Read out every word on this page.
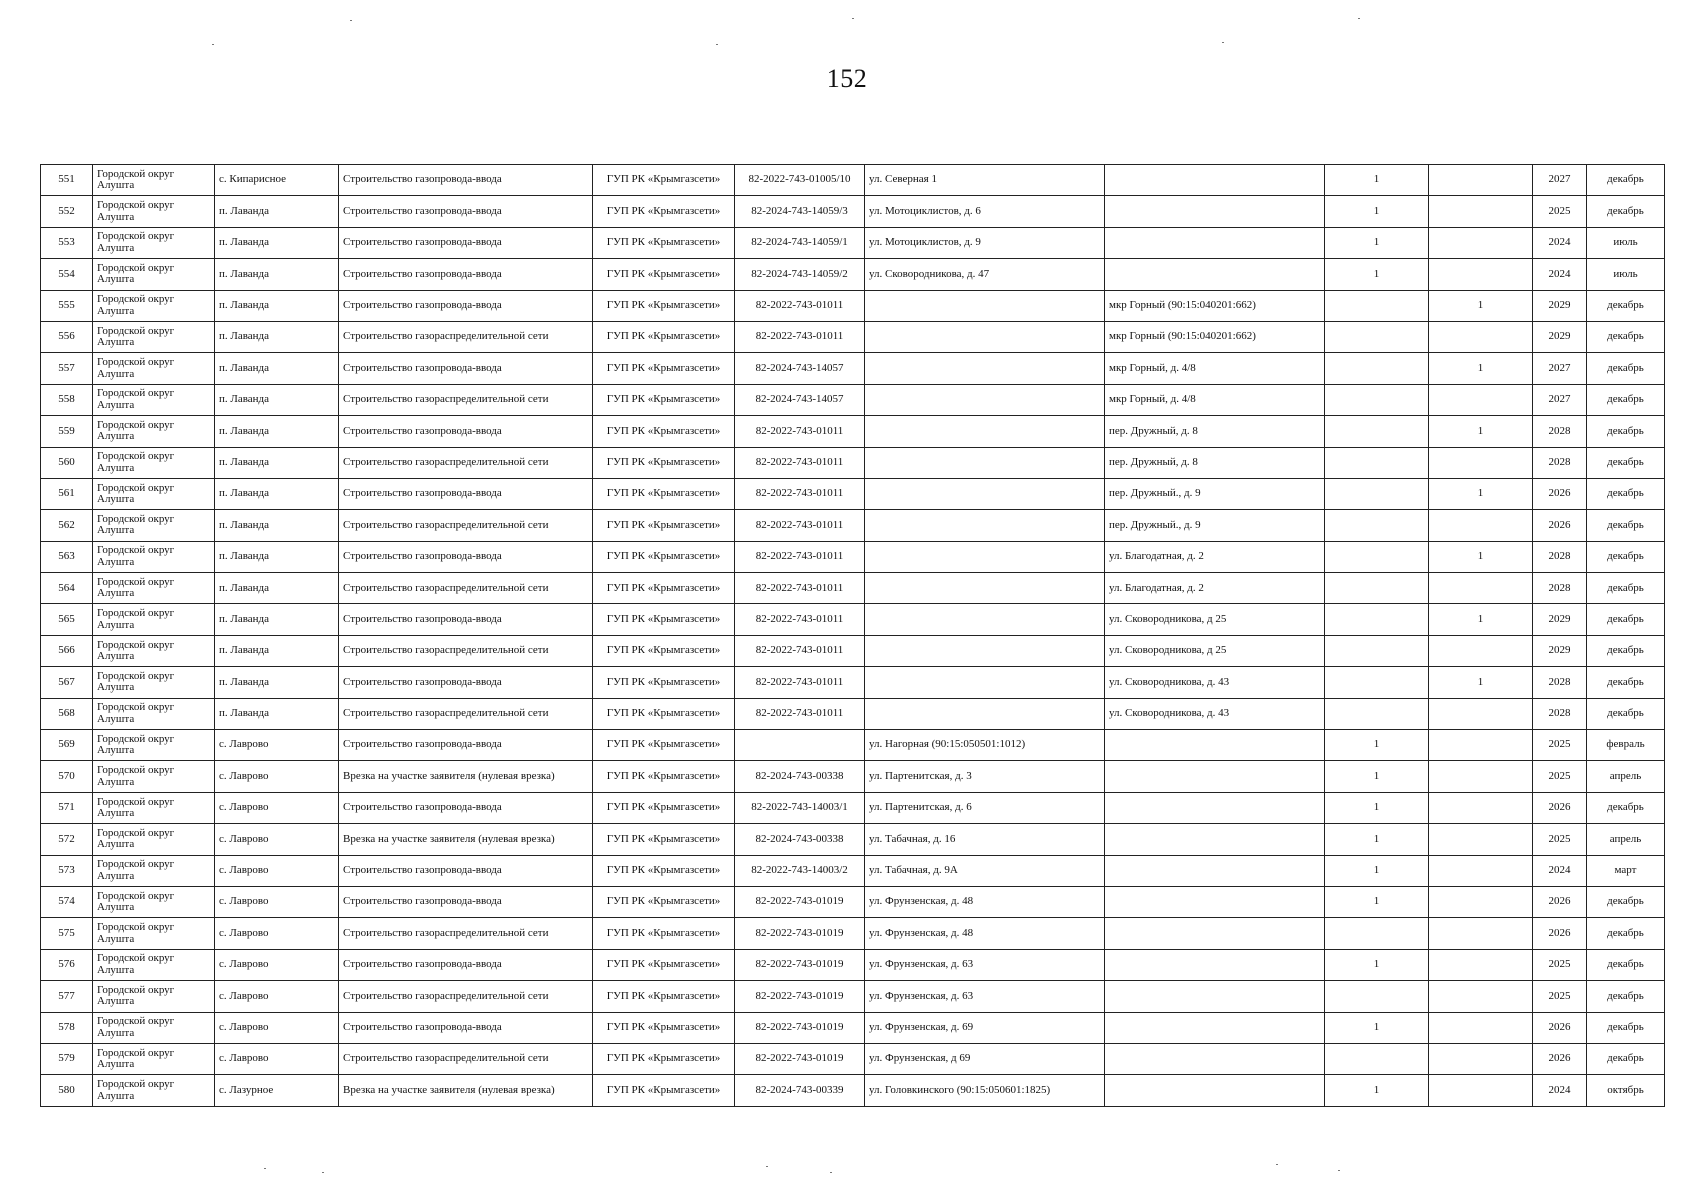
152
551	Городской округ Алушта	с. Кипарисное	Строительство газопровода-ввода	ГУП РК «Крымгазсети»	82-2022-743-01005/10	ул. Северная 1		1		2027	декабрь
552	Городской округ Алушта	п. Лаванда	Строительство газопровода-ввода	ГУП РК «Крымгазсети»	82-2024-743-14059/3	ул. Мотоциклистов, д. 6		1		2025	декабрь
553	Городской округ Алушта	п. Лаванда	Строительство газопровода-ввода	ГУП РК «Крымгазсети»	82-2024-743-14059/1	ул. Мотоциклистов, д. 9		1		2024	июль
554	Городской округ Алушта	п. Лаванда	Строительство газопровода-ввода	ГУП РК «Крымгазсети»	82-2024-743-14059/2	ул. Сковородникова, д. 47		1		2024	июль
555	Городской округ Алушта	п. Лаванда	Строительство газопровода-ввода	ГУП РК «Крымгазсети»	82-2022-743-01011		мкр Горный (90:15:040201:662)		1	2029	декабрь
556	Городской округ Алушта	п. Лаванда	Строительство газораспределительной сети	ГУП РК «Крымгазсети»	82-2022-743-01011		мкр Горный (90:15:040201:662)			2029	декабрь
557	Городской округ Алушта	п. Лаванда	Строительство газопровода-ввода	ГУП РК «Крымгазсети»	82-2024-743-14057		мкр Горный, д. 4/8		1	2027	декабрь
558	Городской округ Алушта	п. Лаванда	Строительство газораспределительной сети	ГУП РК «Крымгазсети»	82-2024-743-14057		мкр Горный, д. 4/8			2027	декабрь
559	Городской округ Алушта	п. Лаванда	Строительство газопровода-ввода	ГУП РК «Крымгазсети»	82-2022-743-01011		пер. Дружный, д. 8		1	2028	декабрь
560	Городской округ Алушта	п. Лаванда	Строительство газораспределительной сети	ГУП РК «Крымгазсети»	82-2022-743-01011		пер. Дружный, д. 8			2028	декабрь
561	Городской округ Алушта	п. Лаванда	Строительство газопровода-ввода	ГУП РК «Крымгазсети»	82-2022-743-01011		пер. Дружный., д. 9		1	2026	декабрь
562	Городской округ Алушта	п. Лаванда	Строительство газораспределительной сети	ГУП РК «Крымгазсети»	82-2022-743-01011		пер. Дружный., д. 9			2026	декабрь
563	Городской округ Алушта	п. Лаванда	Строительство газопровода-ввода	ГУП РК «Крымгазсети»	82-2022-743-01011		ул. Благодатная, д. 2		1	2028	декабрь
564	Городской округ Алушта	п. Лаванда	Строительство газораспределительной сети	ГУП РК «Крымгазсети»	82-2022-743-01011		ул. Благодатная, д. 2			2028	декабрь
565	Городской округ Алушта	п. Лаванда	Строительство газопровода-ввода	ГУП РК «Крымгазсети»	82-2022-743-01011		ул. Сковородникова, д 25		1	2029	декабрь
566	Городской округ Алушта	п. Лаванда	Строительство газораспределительной сети	ГУП РК «Крымгазсети»	82-2022-743-01011		ул. Сковородникова, д 25			2029	декабрь
567	Городской округ Алушта	п. Лаванда	Строительство газопровода-ввода	ГУП РК «Крымгазсети»	82-2022-743-01011		ул. Сковородникова, д. 43		1	2028	декабрь
568	Городской округ Алушта	п. Лаванда	Строительство газораспределительной сети	ГУП РК «Крымгазсети»	82-2022-743-01011		ул. Сковородникова, д. 43			2028	декабрь
569	Городской округ Алушта	с. Лаврово	Строительство газопровода-ввода	ГУП РК «Крымгазсети»		ул. Нагорная (90:15:050501:1012)		1		2025	февраль
570	Городской округ Алушта	с. Лаврово	Врезка на участке заявителя (нулевая врезка)	ГУП РК «Крымгазсети»	82-2024-743-00338	ул. Партенитская, д. 3		1		2025	апрель
571	Городской округ Алушта	с. Лаврово	Строительство газопровода-ввода	ГУП РК «Крымгазсети»	82-2022-743-14003/1	ул. Партенитская, д. 6		1		2026	декабрь
572	Городской округ Алушта	с. Лаврово	Врезка на участке заявителя (нулевая врезка)	ГУП РК «Крымгазсети»	82-2024-743-00338	ул. Табачная, д. 16		1		2025	апрель
573	Городской округ Алушта	с. Лаврово	Строительство газопровода-ввода	ГУП РК «Крымгазсети»	82-2022-743-14003/2	ул. Табачная, д. 9А		1		2024	март
574	Городской округ Алушта	с. Лаврово	Строительство газопровода-ввода	ГУП РК «Крымгазсети»	82-2022-743-01019	ул. Фрунзенская, д. 48		1		2026	декабрь
575	Городской округ Алушта	с. Лаврово	Строительство газораспределительной сети	ГУП РК «Крымгазсети»	82-2022-743-01019	ул. Фрунзенская, д. 48				2026	декабрь
576	Городской округ Алушта	с. Лаврово	Строительство газопровода-ввода	ГУП РК «Крымгазсети»	82-2022-743-01019	ул. Фрунзенская, д. 63		1		2025	декабрь
577	Городской округ Алушта	с. Лаврово	Строительство газораспределительной сети	ГУП РК «Крымгазсети»	82-2022-743-01019	ул. Фрунзенская, д. 63				2025	декабрь
578	Городской округ Алушта	с. Лаврово	Строительство газопровода-ввода	ГУП РК «Крымгазсети»	82-2022-743-01019	ул. Фрунзенская, д. 69		1		2026	декабрь
579	Городской округ Алушта	с. Лаврово	Строительство газораспределительной сети	ГУП РК «Крымгазсети»	82-2022-743-01019	ул. Фрунзенская, д 69				2026	декабрь
580	Городской округ Алушта	с. Лазурное	Врезка на участке заявителя (нулевая врезка)	ГУП РК «Крымгазсети»	82-2024-743-00339	ул. Головкинского (90:15:050601:1825)		1		2024	октябрь
